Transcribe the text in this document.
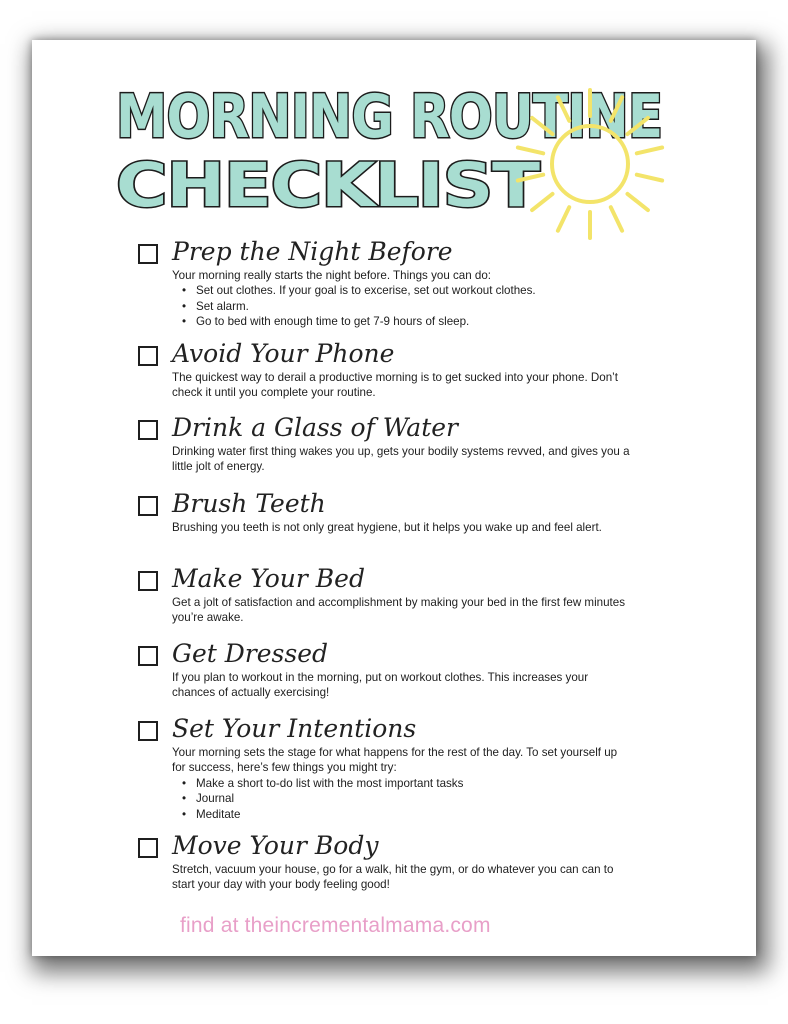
MORNING ROUTINE
CHECKLIST
Prep the Night Before
Your morning really starts the night before. Things you can do:
• Set out clothes. If your goal is to excerise, set out workout clothes.
• Set alarm.
• Go to bed with enough time to get 7-9 hours of sleep.
Avoid Your Phone
The quickest way to derail a productive morning is to get sucked into your phone. Don’t check it until you complete your routine.
Drink a Glass of Water
Drinking water first thing wakes you up, gets your bodily systems revved, and gives you a little jolt of energy.
Brush Teeth
Brushing you teeth is not only great hygiene, but it helps you wake up and feel alert.
Make Your Bed
Get a jolt of satisfaction and accomplishment by making your bed in the first few minutes you’re awake.
Get Dressed
If you plan to workout in the morning, put on workout clothes. This increases your chances of actually exercising!
Set Your Intentions
Your morning sets the stage for what happens for the rest of the day. To set yourself up for success, here’s few things you might try:
• Make a short to-do list with the most important tasks
• Journal
• Meditate
Move Your Body
Stretch, vacuum your house, go for a walk, hit the gym, or do whatever you can can to start your day with your body feeling good!
find at theincrementalmama.com
